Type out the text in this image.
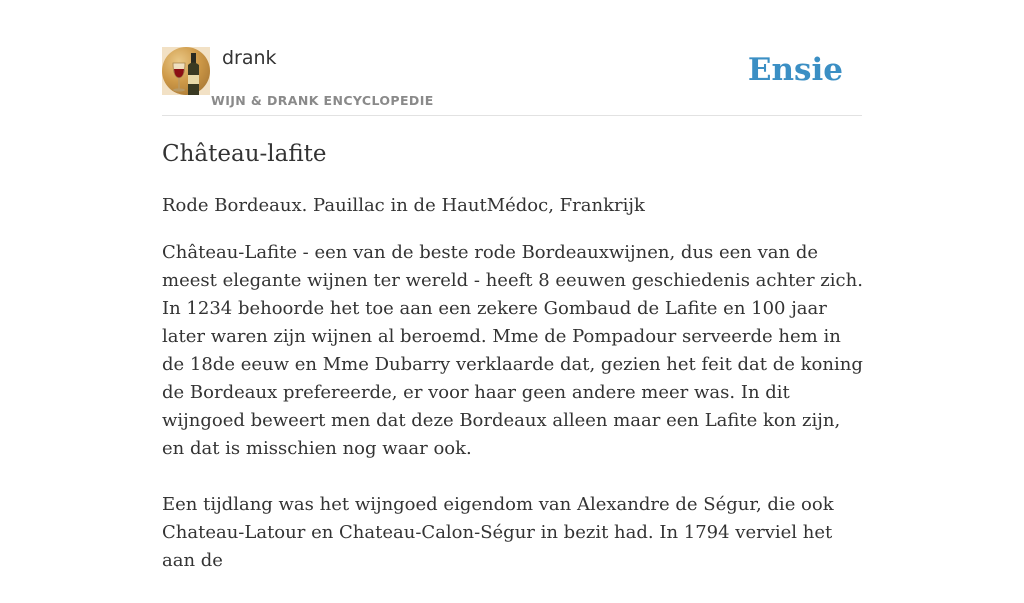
drank
WIJN & DRANK ENCYCLOPEDIE
Ensie
Château-lafite
Rode Bordeaux. Pauillac in de HautMédoc, Frankrijk

Château-Lafite - een van de beste rode Bordeauxwijnen, dus een van de meest elegante wijnen ter wereld - heeft 8 eeuwen geschiedenis achter zich. In 1234 behoorde het toe aan een zekere Gombaud de Lafite en 100 jaar later waren zijn wijnen al beroemd. Mme de Pompadour serveerde hem in de 18de eeuw en Mme Dubarry verklaarde dat, gezien het feit dat de koning de Bordeaux prefereerde, er voor haar geen andere meer was. In dit wijngoed beweert men dat deze Bordeaux alleen maar een Lafite kon zijn, en dat is misschien nog waar ook.

Een tijdlang was het wijngoed eigendom van Alexandre de Ségur, die ook Chateau-Latour en Chateau-Calon-Ségur in bezit had. In 1794 verviel het aan de
